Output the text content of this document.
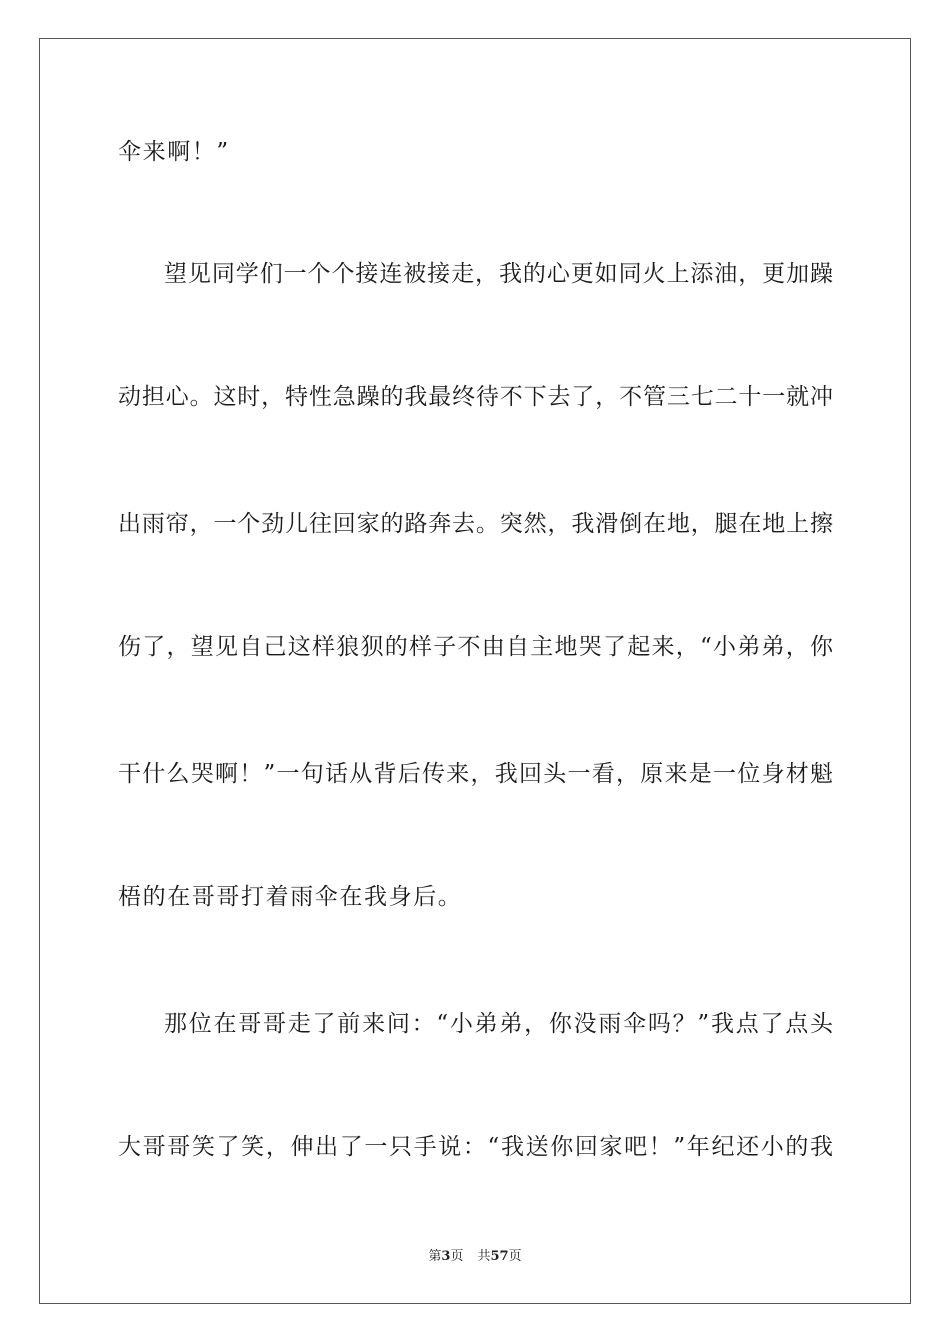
伞来啊！”
望见同学们一个个接连被接走，我的心更如同火上添油，更加躁
动担心。这时，特性急躁的我最终待不下去了，不管三七二十一就冲
出雨帘，一个劲儿往回家的路奔去。突然，我滑倒在地，腿在地上擦
伤了，望见自己这样狼狈的样子不由自主地哭了起来，“小弟弟，你
干什么哭啊！”一句话从背后传来，我回头一看，原来是一位身材魁
梧的在哥哥打着雨伞在我身后。
那位在哥哥走了前来问：“小弟弟，你没雨伞吗？”我点了点头
大哥哥笑了笑，伸出了一只手说：“我送你回家吧！”年纪还小的我
第3页 共57页
